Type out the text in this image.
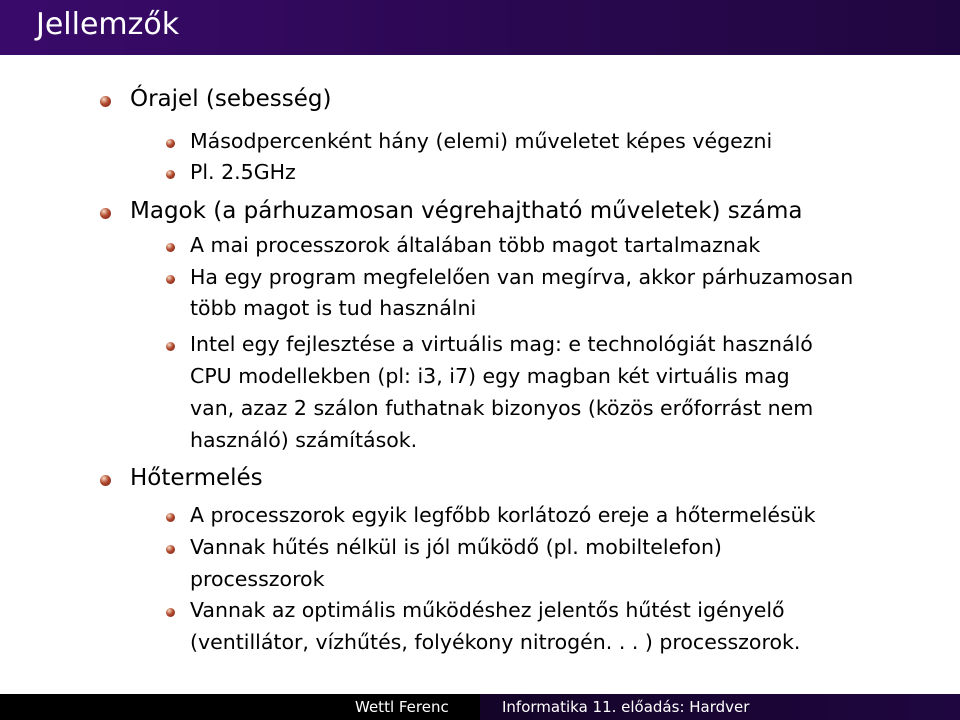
Jellemzők
Órajel (sebesség)
Másodpercenként hány (elemi) műveletet képes végezni
Pl. 2.5GHz
Magok (a párhuzamosan végrehajtható műveletek) száma
A mai processzorok általában több magot tartalmaznak
Ha egy program megfelelően van megírva, akkor párhuzamosan
több magot is tud használni
Intel egy fejlesztése a virtuális mag: e technológiát használó
CPU modellekben (pl: i3, i7) egy magban két virtuális mag
van, azaz 2 szálon futhatnak bizonyos (közös erőforrást nem
használó) számítások.
Hőtermelés
A processzorok egyik legfőbb korlátozó ereje a hőtermelésük
Vannak hűtés nélkül is jól működő (pl. mobiltelefon)
processzorok
Vannak az optimális működéshez jelentős hűtést igényelő
(ventillátor, vízhűtés, folyékony nitrogén. . . ) processzorok.
Wettl Ferenc	Informatika 11. előadás: Hardver
